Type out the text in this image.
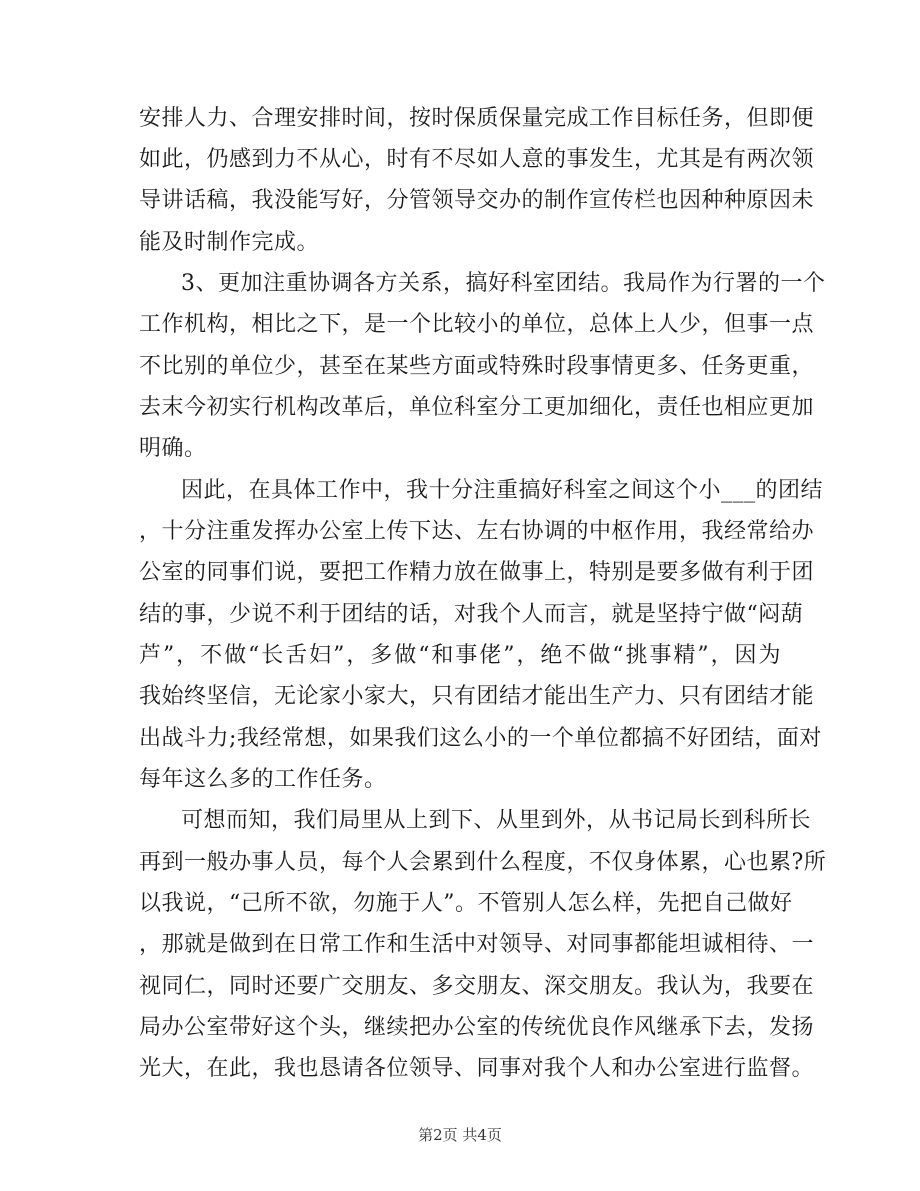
安排人力、合理安排时间，按时保质保量完成工作目标任务，但即便
如此，仍感到力不从心，时有不尽如人意的事发生，尤其是有两次领
导讲话稿，我没能写好，分管领导交办的制作宣传栏也因种种原因未
能及时制作完成。
3、更加注重协调各方关系，搞好科室团结。我局作为行署的一个
工作机构，相比之下，是一个比较小的单位，总体上人少，但事一点
不比别的单位少，甚至在某些方面或特殊时段事情更多、任务更重，
去末今初实行机构改革后，单位科室分工更加细化，责任也相应更加
明确。
因此，在具体工作中，我十分注重搞好科室之间这个小___的团结
，十分注重发挥办公室上传下达、左右协调的中枢作用，我经常给办
公室的同事们说，要把工作精力放在做事上，特别是要多做有利于团
结的事，少说不利于团结的话，对我个人而言，就是坚持宁做“闷葫
芦”，不做“长舌妇”，多做“和事佬”，绝不做“挑事精”，因为
我始终坚信，无论家小家大，只有团结才能出生产力、只有团结才能
出战斗力;我经常想，如果我们这么小的一个单位都搞不好团结，面对
每年这么多的工作任务。
可想而知，我们局里从上到下、从里到外，从书记局长到科所长
再到一般办事人员，每个人会累到什么程度，不仅身体累，心也累?所
以我说，“己所不欲，勿施于人”。不管别人怎么样，先把自己做好
，那就是做到在日常工作和生活中对领导、对同事都能坦诚相待、一
视同仁，同时还要广交朋友、多交朋友、深交朋友。我认为，我要在
局办公室带好这个头，继续把办公室的传统优良作风继承下去，发扬
光大，在此，我也恳请各位领导、同事对我个人和办公室进行监督。
第2页 共4页
